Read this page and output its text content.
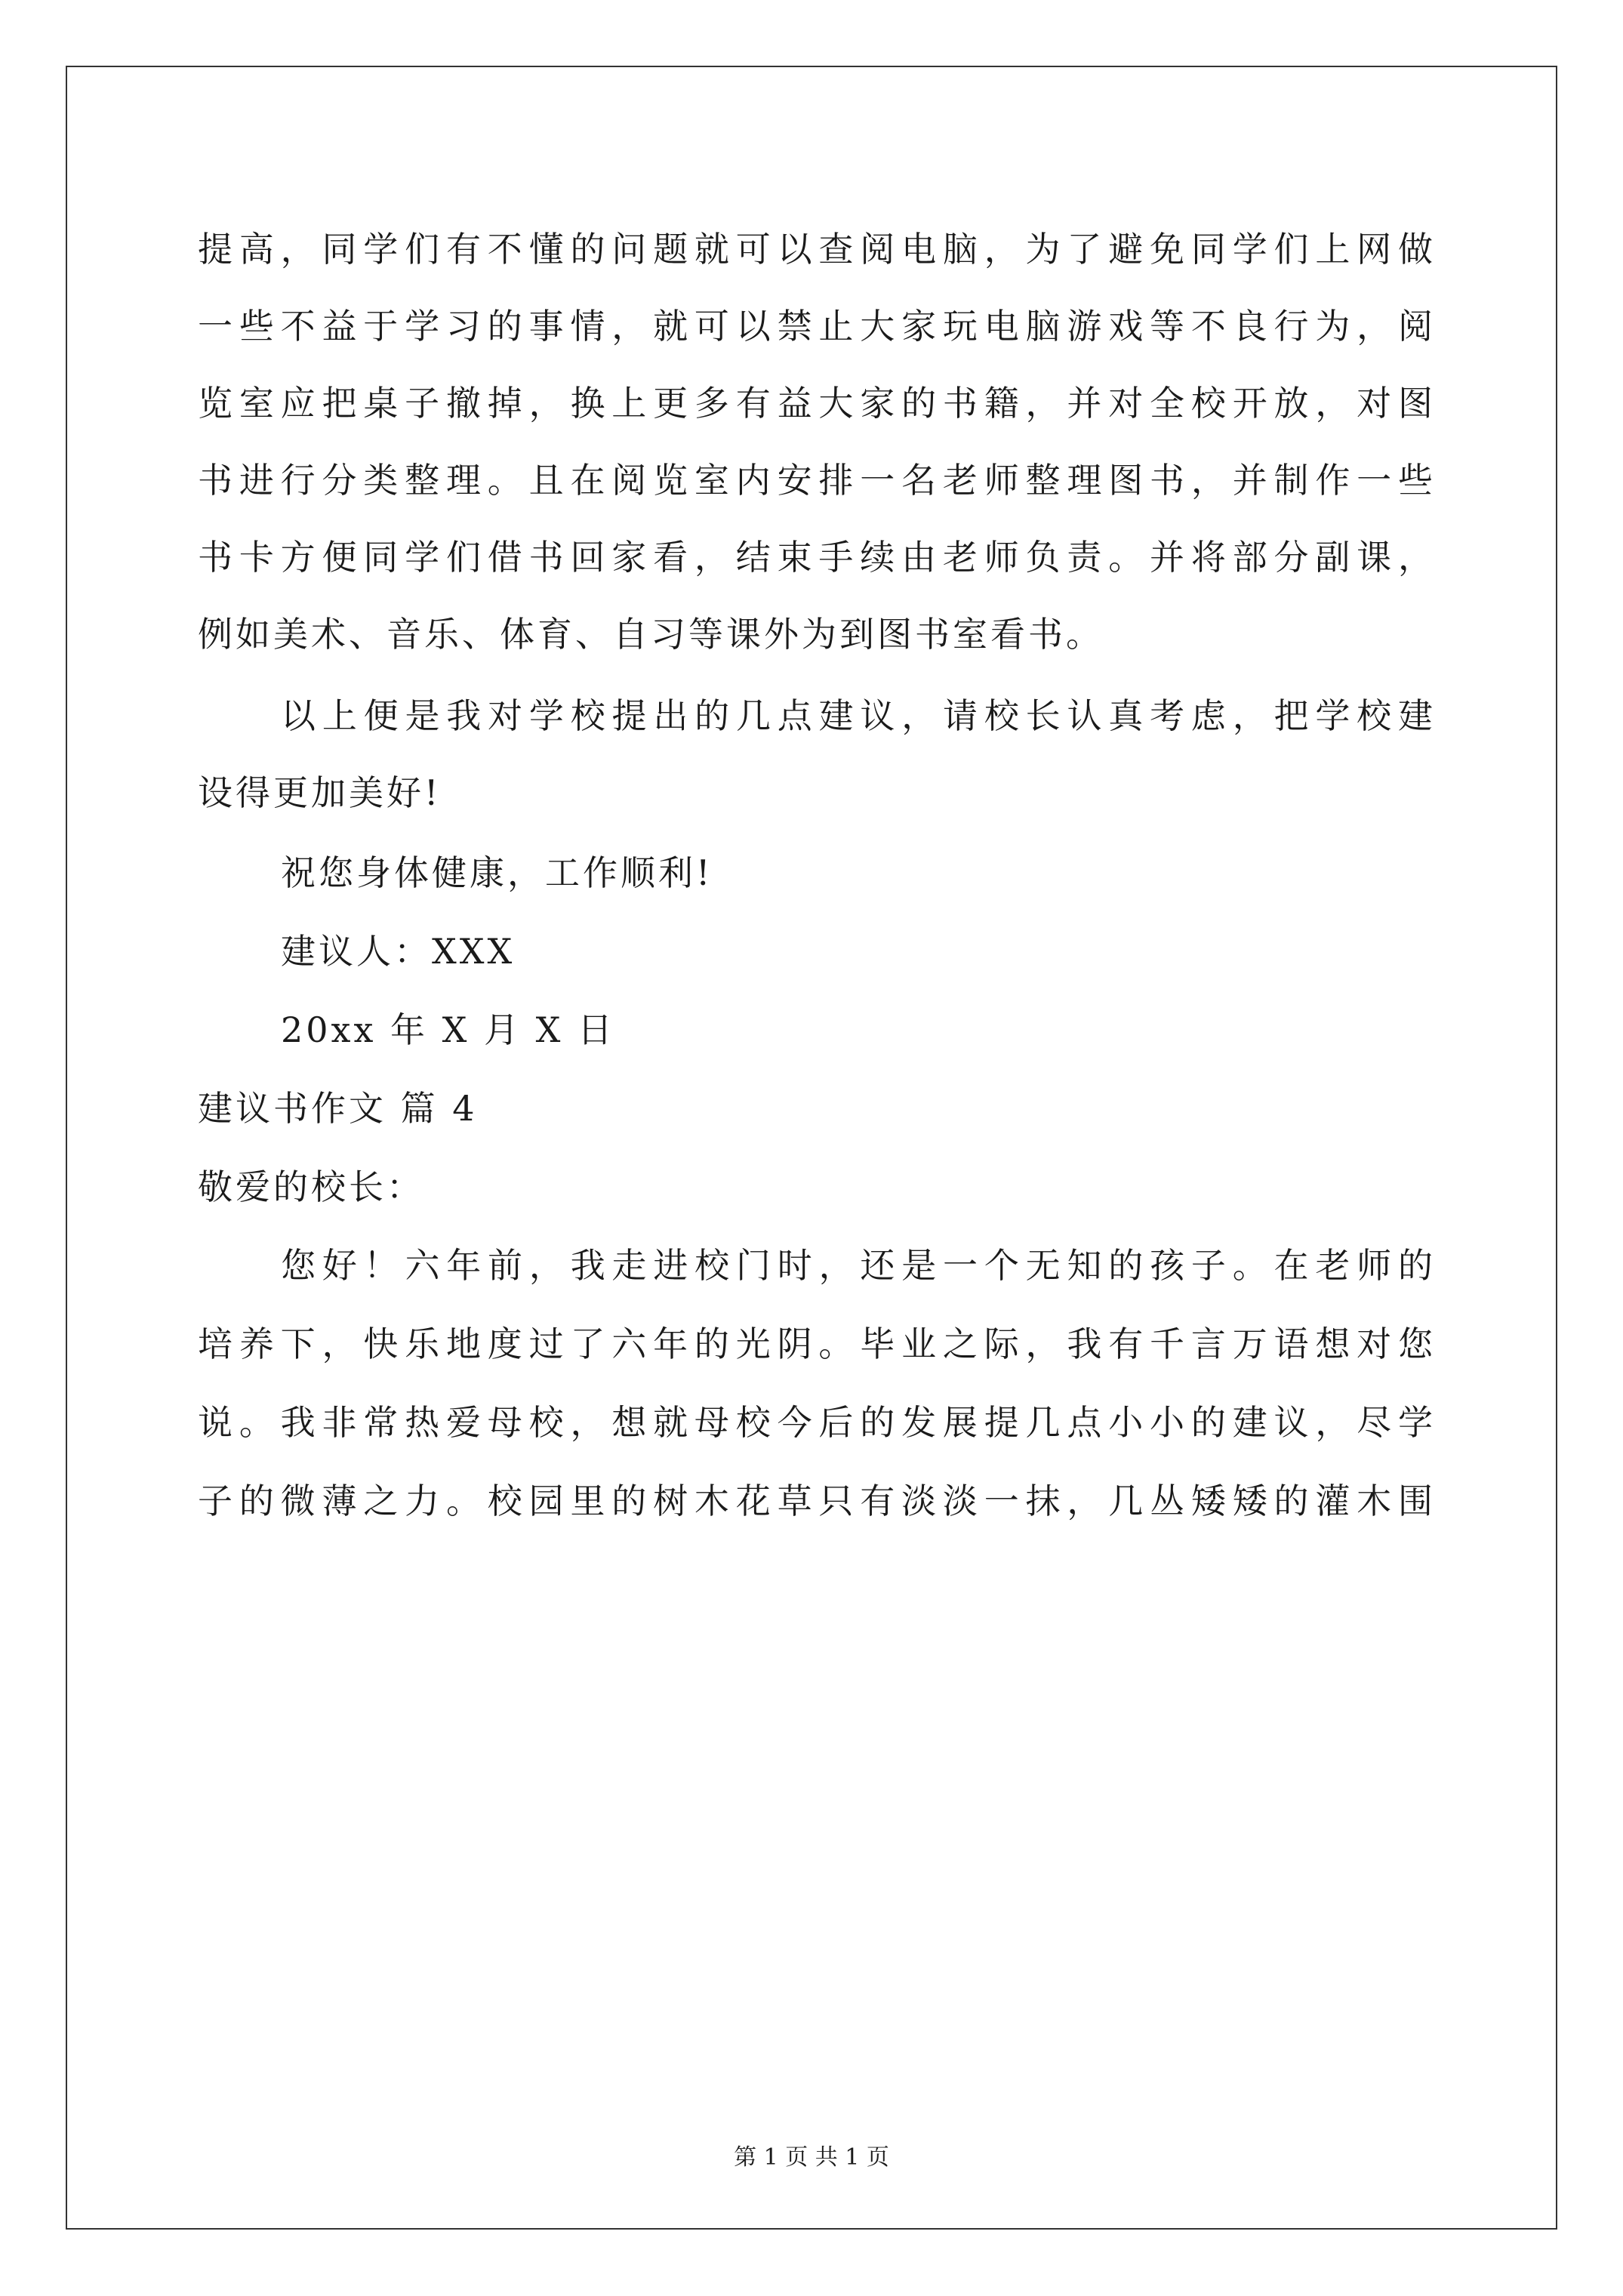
提高，同学们有不懂的问题就可以查阅电脑，为了避免同学们上网做
一些不益于学习的事情，就可以禁止大家玩电脑游戏等不良行为，阅
览室应把桌子撤掉，换上更多有益大家的书籍，并对全校开放，对图
书进行分类整理。且在阅览室内安排一名老师整理图书，并制作一些
书卡方便同学们借书回家看，结束手续由老师负责。并将部分副课，
例如美术、音乐、体育、自习等课外为到图书室看书。
以上便是我对学校提出的几点建议，请校长认真考虑，把学校建
设得更加美好!
祝您身体健康，工作顺利!
建议人：XXX
20xx 年 X 月 X 日
建议书作文 篇 4
敬爱的校长：
您好！六年前，我走进校门时，还是一个无知的孩子。在老师的
培养下，快乐地度过了六年的光阴。毕业之际，我有千言万语想对您
说。我非常热爱母校，想就母校今后的发展提几点小小的建议，尽学
子的微薄之力。校园里的树木花草只有淡淡一抹，几丛矮矮的灌木围
第 1 页 共 1 页
